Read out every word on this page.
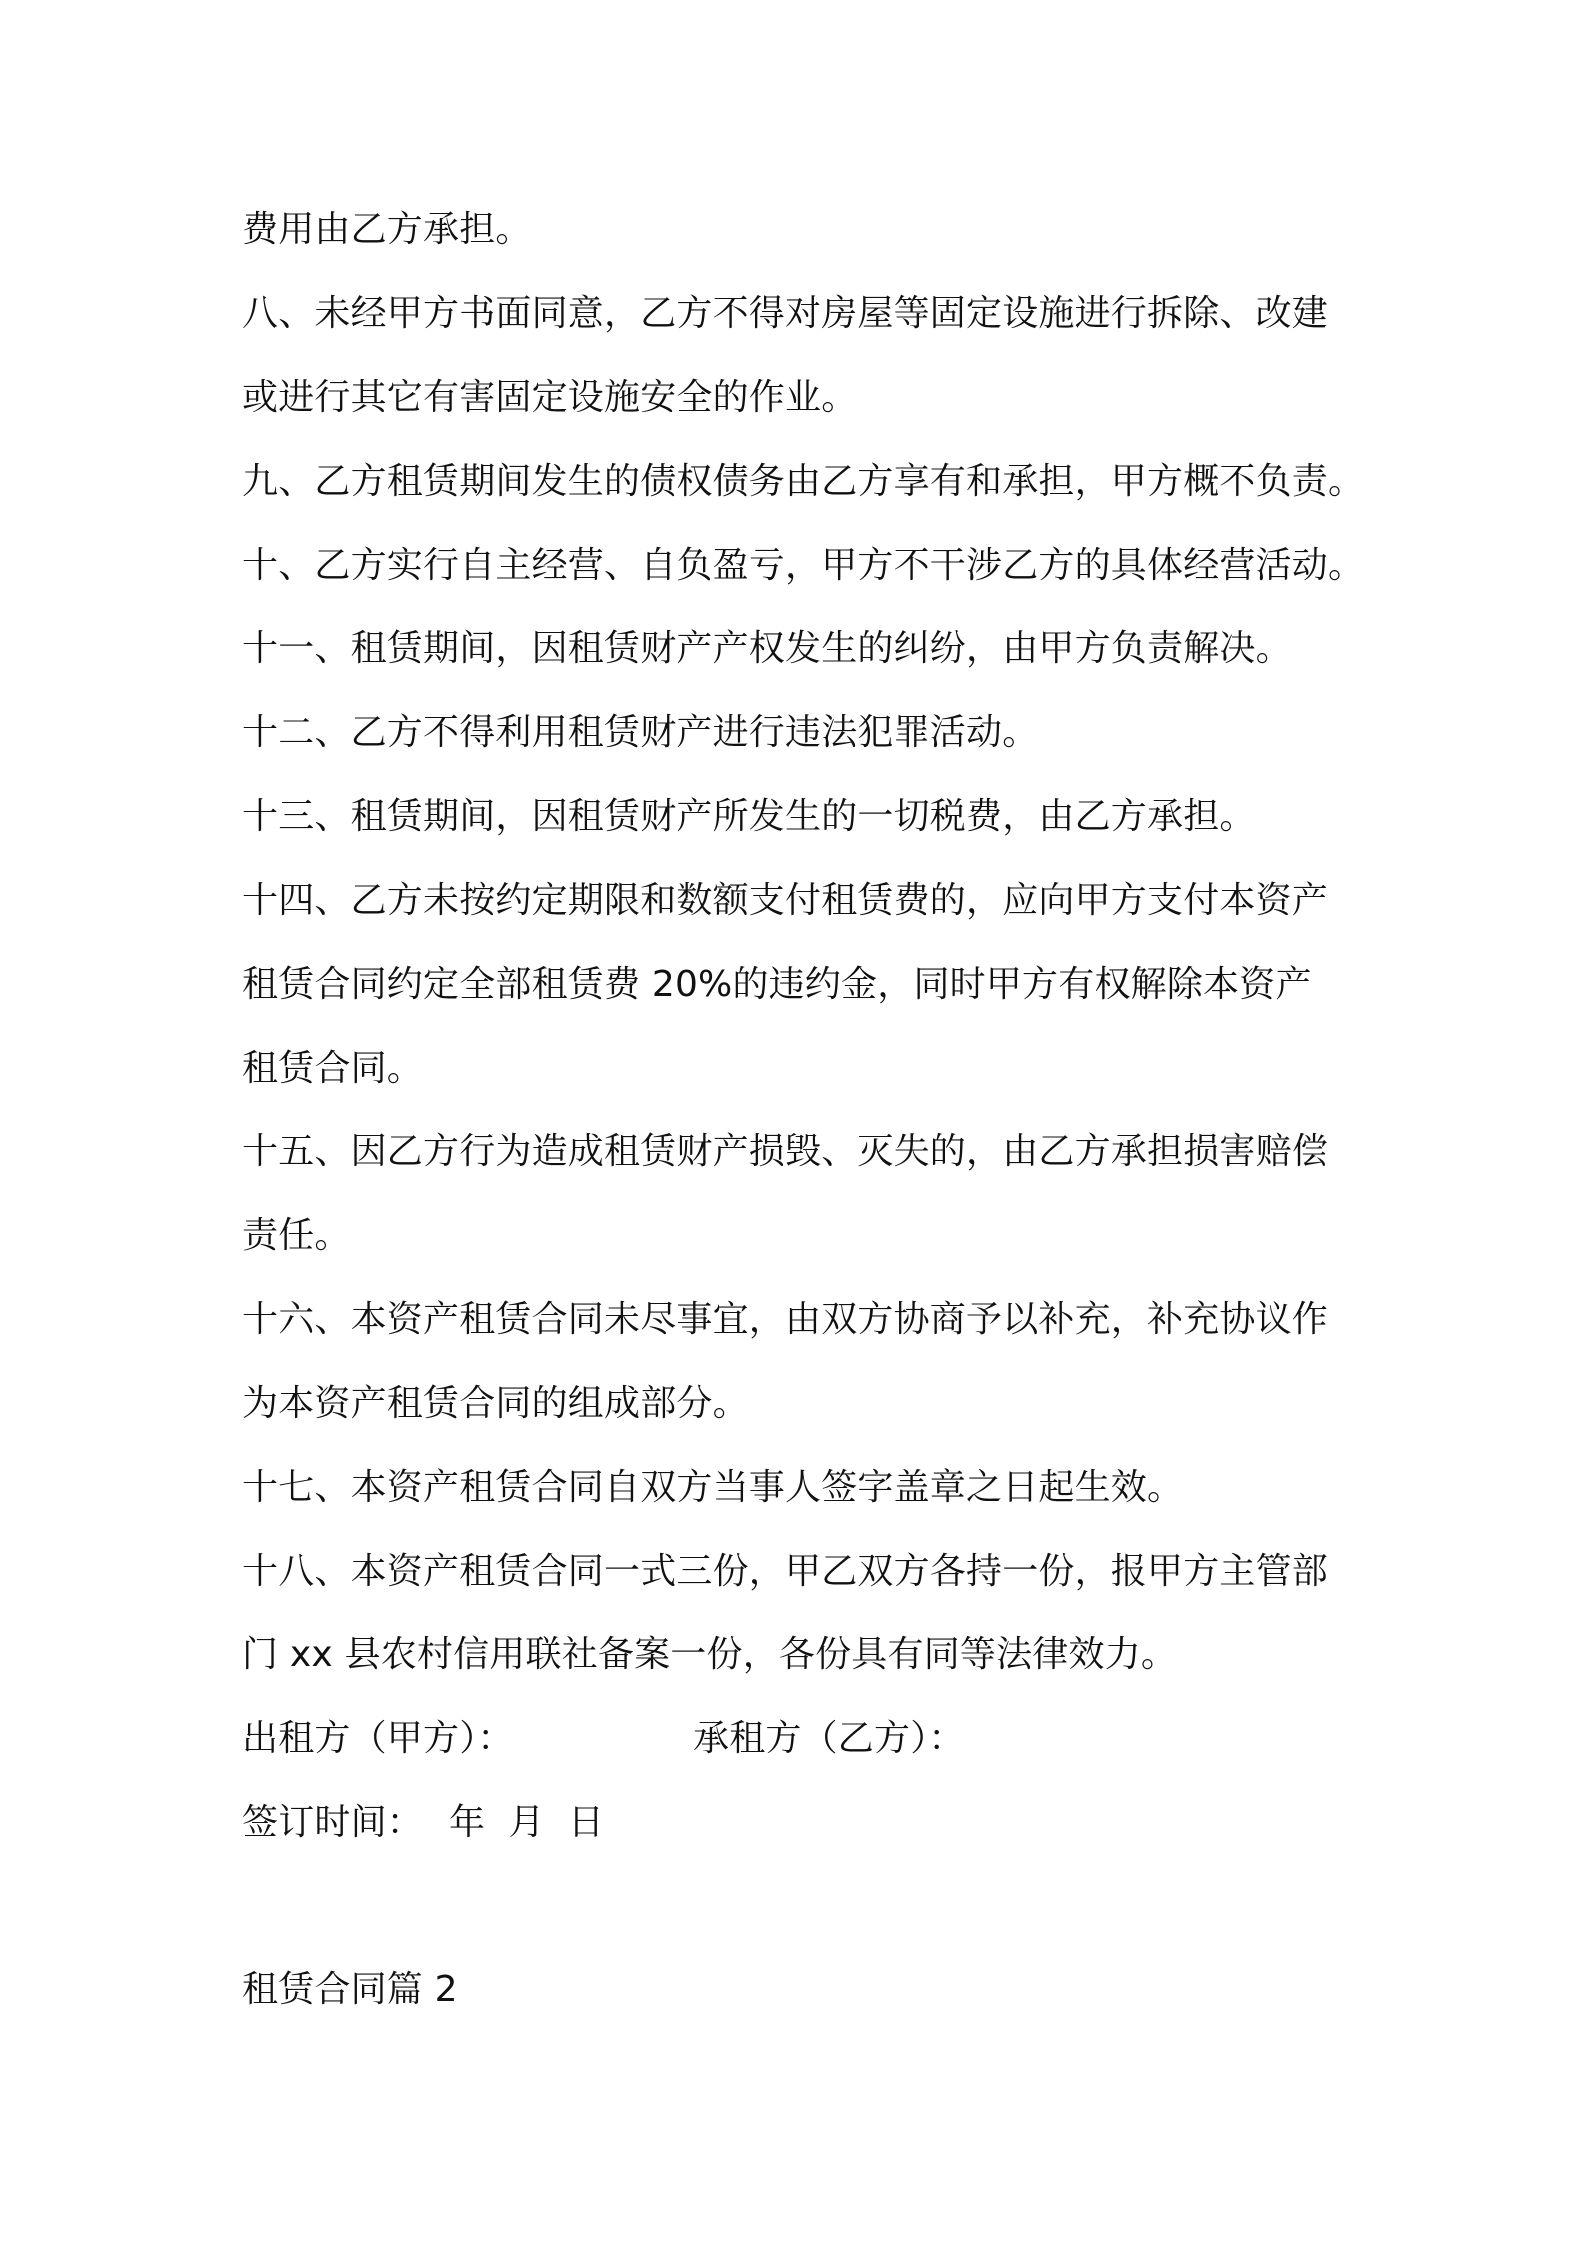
费用由乙方承担。
八、未经甲方书面同意，乙方不得对房屋等固定设施进行拆除、改建
或进行其它有害固定设施安全的作业。
九、乙方租赁期间发生的债权债务由乙方享有和承担，甲方概不负责。
十、乙方实行自主经营、自负盈亏，甲方不干涉乙方的具体经营活动。
十一、租赁期间，因租赁财产产权发生的纠纷，由甲方负责解决。
十二、乙方不得利用租赁财产进行违法犯罪活动。
十三、租赁期间，因租赁财产所发生的一切税费，由乙方承担。
十四、乙方未按约定期限和数额支付租赁费的，应向甲方支付本资产
租赁合同约定全部租赁费 20%的违约金，同时甲方有权解除本资产
租赁合同。
十五、因乙方行为造成租赁财产损毁、灭失的，由乙方承担损害赔偿
责任。
十六、本资产租赁合同未尽事宜，由双方协商予以补充，补充协议作
为本资产租赁合同的组成部分。
十七、本资产租赁合同自双方当事人签字盖章之日起生效。
十八、本资产租赁合同一式三份，甲乙双方各持一份，报甲方主管部
门 xx 县农村信用联社备案一份，各份具有同等法律效力。
出租方（甲方）：	承租方（乙方）：
签订时间： 年  月  日
租赁合同篇 2
